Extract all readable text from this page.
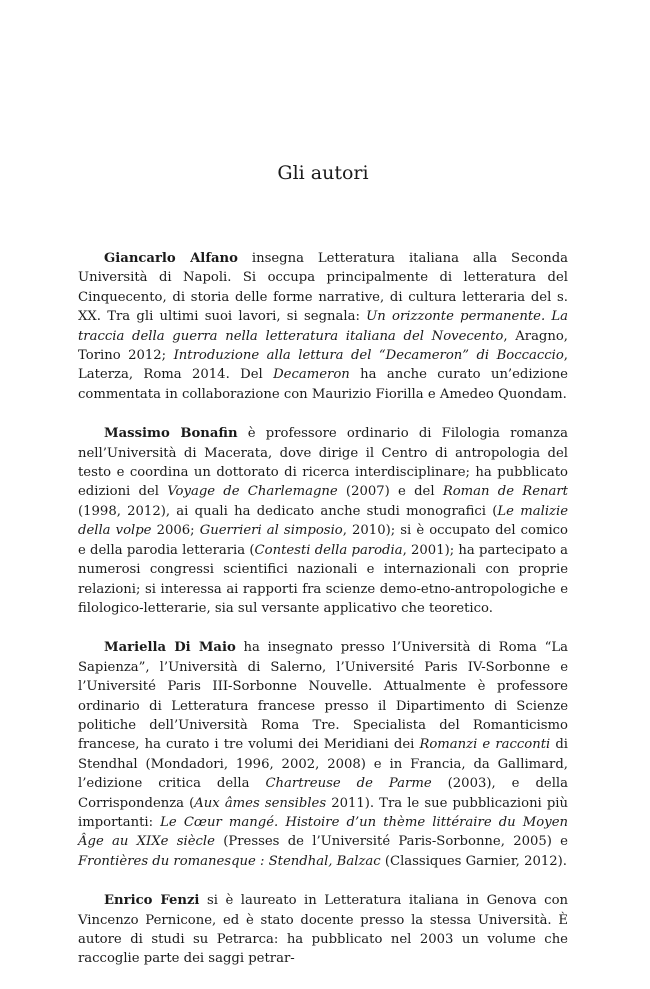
Gli autori

Giancarlo Alfano insegna Letteratura italiana alla Seconda Università di Napoli. Si occupa principalmente di letteratura del Cinquecento, di storia delle forme narrative, di cultura letteraria del s. XX. Tra gli ultimi suoi lavori, si segnala: Un orizzonte permanente. La traccia della guerra nella letteratura italiana del Novecento, Aragno, Torino 2012; Introduzione alla lettura del “Decameron” di Boccaccio, Laterza, Roma 2014. Del Decameron ha anche curato un’edizione commentata in collaborazione con Maurizio Fiorilla e Amedeo Quondam.

Massimo Bonafin è professore ordinario di Filologia romanza nell’Università di Macerata, dove dirige il Centro di antropologia del testo e coordina un dottorato di ricerca interdisciplinare; ha pubblicato edizioni del Voyage de Charlemagne (2007) e del Roman de Renart (1998, 2012), ai quali ha dedicato anche studi monografici (Le malizie della volpe 2006; Guerrieri al simposio, 2010); si è occupato del comico e della parodia letteraria (Contesti della parodia, 2001); ha partecipato a numerosi congressi scientifici nazionali e internazionali con proprie relazioni; si interessa ai rapporti fra scienze demo-etno-antropologiche e filologico-letterarie, sia sul versante applicativo che teoretico.

Mariella Di Maio ha insegnato presso l’Università di Roma “La Sapienza”, l’Università di Salerno, l’Université Paris IV-Sorbonne e l’Université Paris III-Sorbonne Nouvelle. Attualmente è professore ordinario di Letteratura francese presso il Dipartimento di Scienze politiche dell’Università Roma Tre. Specialista del Romanticismo francese, ha curato i tre volumi dei Meridiani dei Romanzi e racconti di Stendhal (Mondadori, 1996, 2002, 2008) e in Francia, da Gallimard, l’edizione critica della Chartreuse de Parme (2003), e della Corrispondenza (Aux âmes sensibles 2011). Tra le sue pubblicazioni più importanti: Le Cœur mangé. Histoire d’un thème littéraire du Moyen Âge au XIXe siècle (Presses de l’Université Paris-Sorbonne, 2005) e Frontières du romanesque : Stendhal, Balzac (Classiques Garnier, 2012).

Enrico Fenzi si è laureato in Letteratura italiana in Genova con Vincenzo Pernicone, ed è stato docente presso la stessa Università. È autore di studi su Petrarca: ha pubblicato nel 2003 un volume che raccoglie parte dei saggi petrar-
